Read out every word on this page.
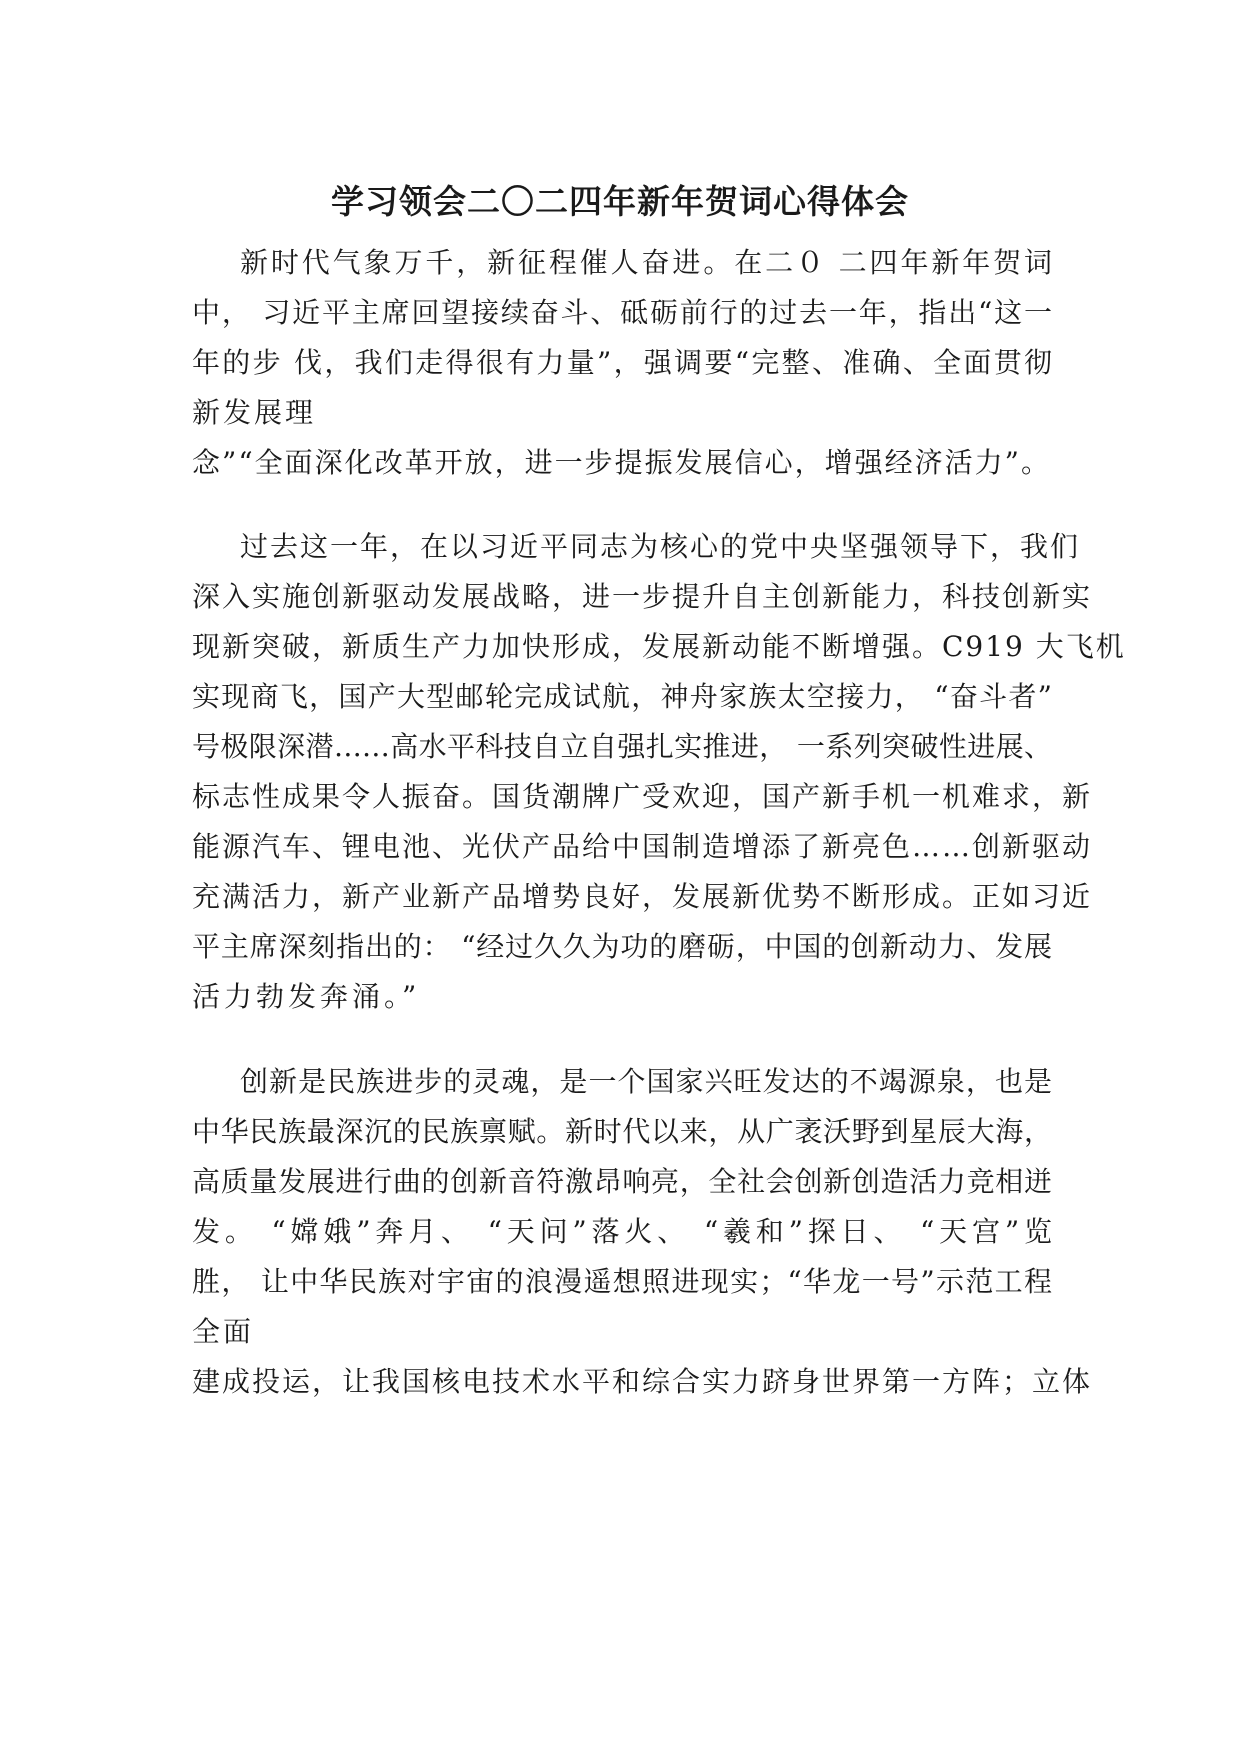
学习领会二〇二四年新年贺词心得体会
新时代气象万千，新征程催人奋进。在二０ 二四年新年贺词
中， 习近平主席回望接续奋斗、砥砺前行的过去一年，指出“这一
年的步 伐，我们走得很有力量”，强调要“完整、准确、全面贯彻
新发展理
念”“全面深化改革开放，进一步提振发展信心，增强经济活力”。
过去这一年，在以习近平同志为核心的党中央坚强领导下，我们
深入实施创新驱动发展战略，进一步提升自主创新能力，科技创新实
现新突破，新质生产力加快形成，发展新动能不断增强。C919 大飞机
实现商飞，国产大型邮轮完成试航，神舟家族太空接力， “奋斗者”
号极限深潜……高水平科技自立自强扎实推进， 一系列突破性进展、
标志性成果令人振奋。国货潮牌广受欢迎，国产新手机一机难求，新
能源汽车、锂电池、光伏产品给中国制造增添了新亮色……创新驱动
充满活力，新产业新产品增势良好，发展新优势不断形成。正如习近
平主席深刻指出的： “经过久久为功的磨砺，中国的创新动力、发展
活力勃发奔涌。”
创新是民族进步的灵魂，是一个国家兴旺发达的不竭源泉，也是
中华民族最深沉的民族禀赋。新时代以来，从广袤沃野到星辰大海，
高质量发展进行曲的创新音符激昂响亮，全社会创新创造活力竞相迸
发。 “嫦娥”奔月、 “天问”落火、 “羲和”探日、 “天宫”览
胜， 让中华民族对宇宙的浪漫遥想照进现实；“华龙一号”示范工程
全面
建成投运，让我国核电技术水平和综合实力跻身世界第一方阵；立体
